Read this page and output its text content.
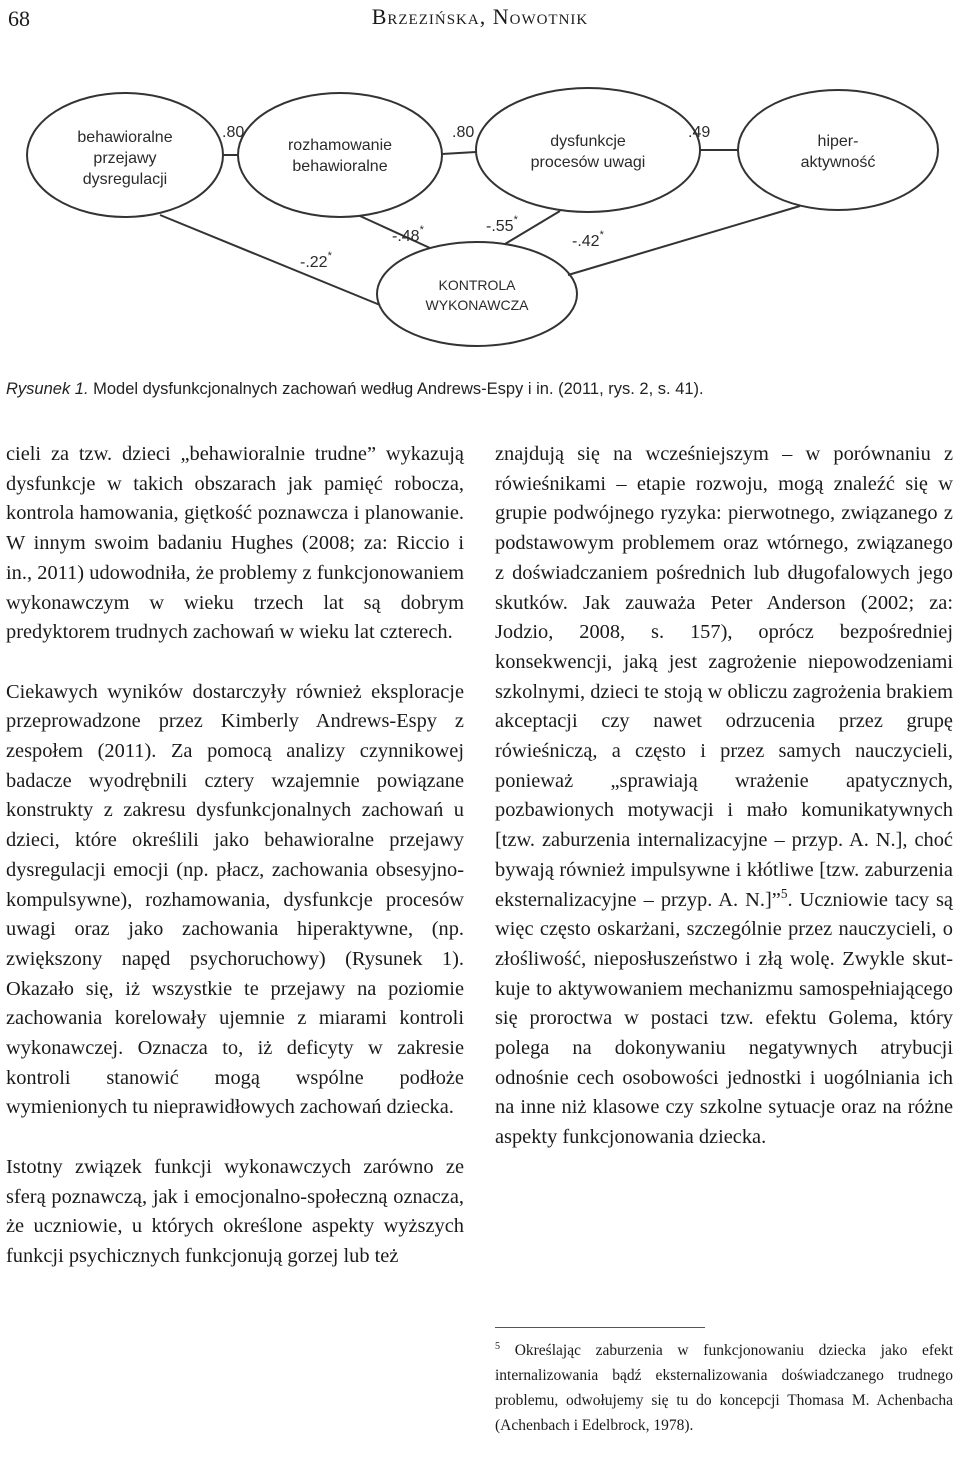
68	Brzezińska, Nowotnik
behawioralne
przejawy
dysregulacji
rozhamowanie
behawioralne
dysfunkcje
procesów uwagi
hiper-
aktywność
KONTROLA
WYKONAWCZA
.80	.80	.49
-.22*
-.48*	-.55*
-.42*
Rysunek 1. Model dysfunkcjonalnych zachowań według Andrews-Espy i in. (2011, rys. 2, s. 41).

cieli za tzw. dzieci „behawioralnie trudne” wykazują dysfunkcje w takich obszarach jak pamięć robocza, kontrola hamowania, giętkość poznawcza i planowanie. W innym swoim badaniu Hughes (2008; za: Riccio i in., 2011) udowodniła, że problemy z funkcjonowaniem wykonawczym w wieku trzech lat są dobrym predyktorem trudnych zachowań w wieku lat czterech.

Ciekawych wyników dostarczyły również eksploracje przeprowadzone przez Kimberly Andrews-Espy z zespołem (2011). Za pomocą analizy czynnikowej badacze wyodrębnili cztery wzajemnie powiązane konstrukty z zakresu dysfunkcjonalnych zachowań u dzieci, które określili jako behawioralne przejawy dysregulacji emocji (np. płacz, zachowania obsesyjno-kompulsywne), rozhamowania, dysfunkcje procesów uwagi oraz jako zachowania hiperaktywne, (np. zwiększony napęd psychoruchowy) (Rysunek 1). Okazało się, iż wszystkie te przejawy na poziomie zachowania korelowały ujemnie z miarami kontroli wykonawczej. Oznacza to, iż deficyty w zakresie kontroli stanowić mogą wspólne podłoże wymienionych tu nieprawidłowych zachowań dziecka.

Istotny związek funkcji wykonawczych zarówno ze sferą poznawczą, jak i emocjonalno-społeczną oznacza, że uczniowie, u których określone aspekty wyższych funkcji psychicznych funkcjonują gorzej lub też

znajdują się na wcześniejszym – w porównaniu z rówieśnikami – etapie rozwoju, mogą znaleźć się w grupie podwójnego ryzyka: pierwotnego, związanego z podstawowym problemem oraz wtórnego, związanego z doświadczaniem pośrednich lub długofalowych jego skutków. Jak zauważa Peter Anderson (2002; za: Jodzio, 2008, s. 157), oprócz bezpośredniej konsekwencji, jaką jest zagrożenie niepowodzeniami szkolnymi, dzieci te stoją w obliczu zagrożenia brakiem akceptacji czy nawet odrzucenia przez grupę rówieśniczą, a często i przez samych nauczycieli, ponieważ „sprawiają wrażenie apatycznych, pozbawionych motywacji i mało komunikatywnych [tzw. zaburzenia internalizacyjne – przyp. A. N.], choć bywają również impulsywne i kłótliwe [tzw. zaburzenia eksternalizacyjne – przyp. A. N.]”$^5$. Uczniowie tacy są więc często oskarżani, szczególnie przez nauczycieli, o złośliwość, nieposłuszeństwo i złą wolę. Zwykle skutkuje to aktywowaniem mechanizmu samospełniającego się proroctwa w postaci tzw. efektu Golema, który polega na dokonywaniu negatywnych atrybucji odnośnie cech osobowości jednostki i uogólniania ich na inne niż klasowe czy szkolne sytuacje oraz na różne aspekty funkcjonowania dziecka.

$^5$ Określając zaburzenia w funkcjonowaniu dziecka jako efekt internalizowania bądź eksternalizowania doświadczanego trudnego problemu, odwołujemy się tu do koncepcji Thomasa M. Achenbacha (Achenbach i Edelbrock, 1978).
